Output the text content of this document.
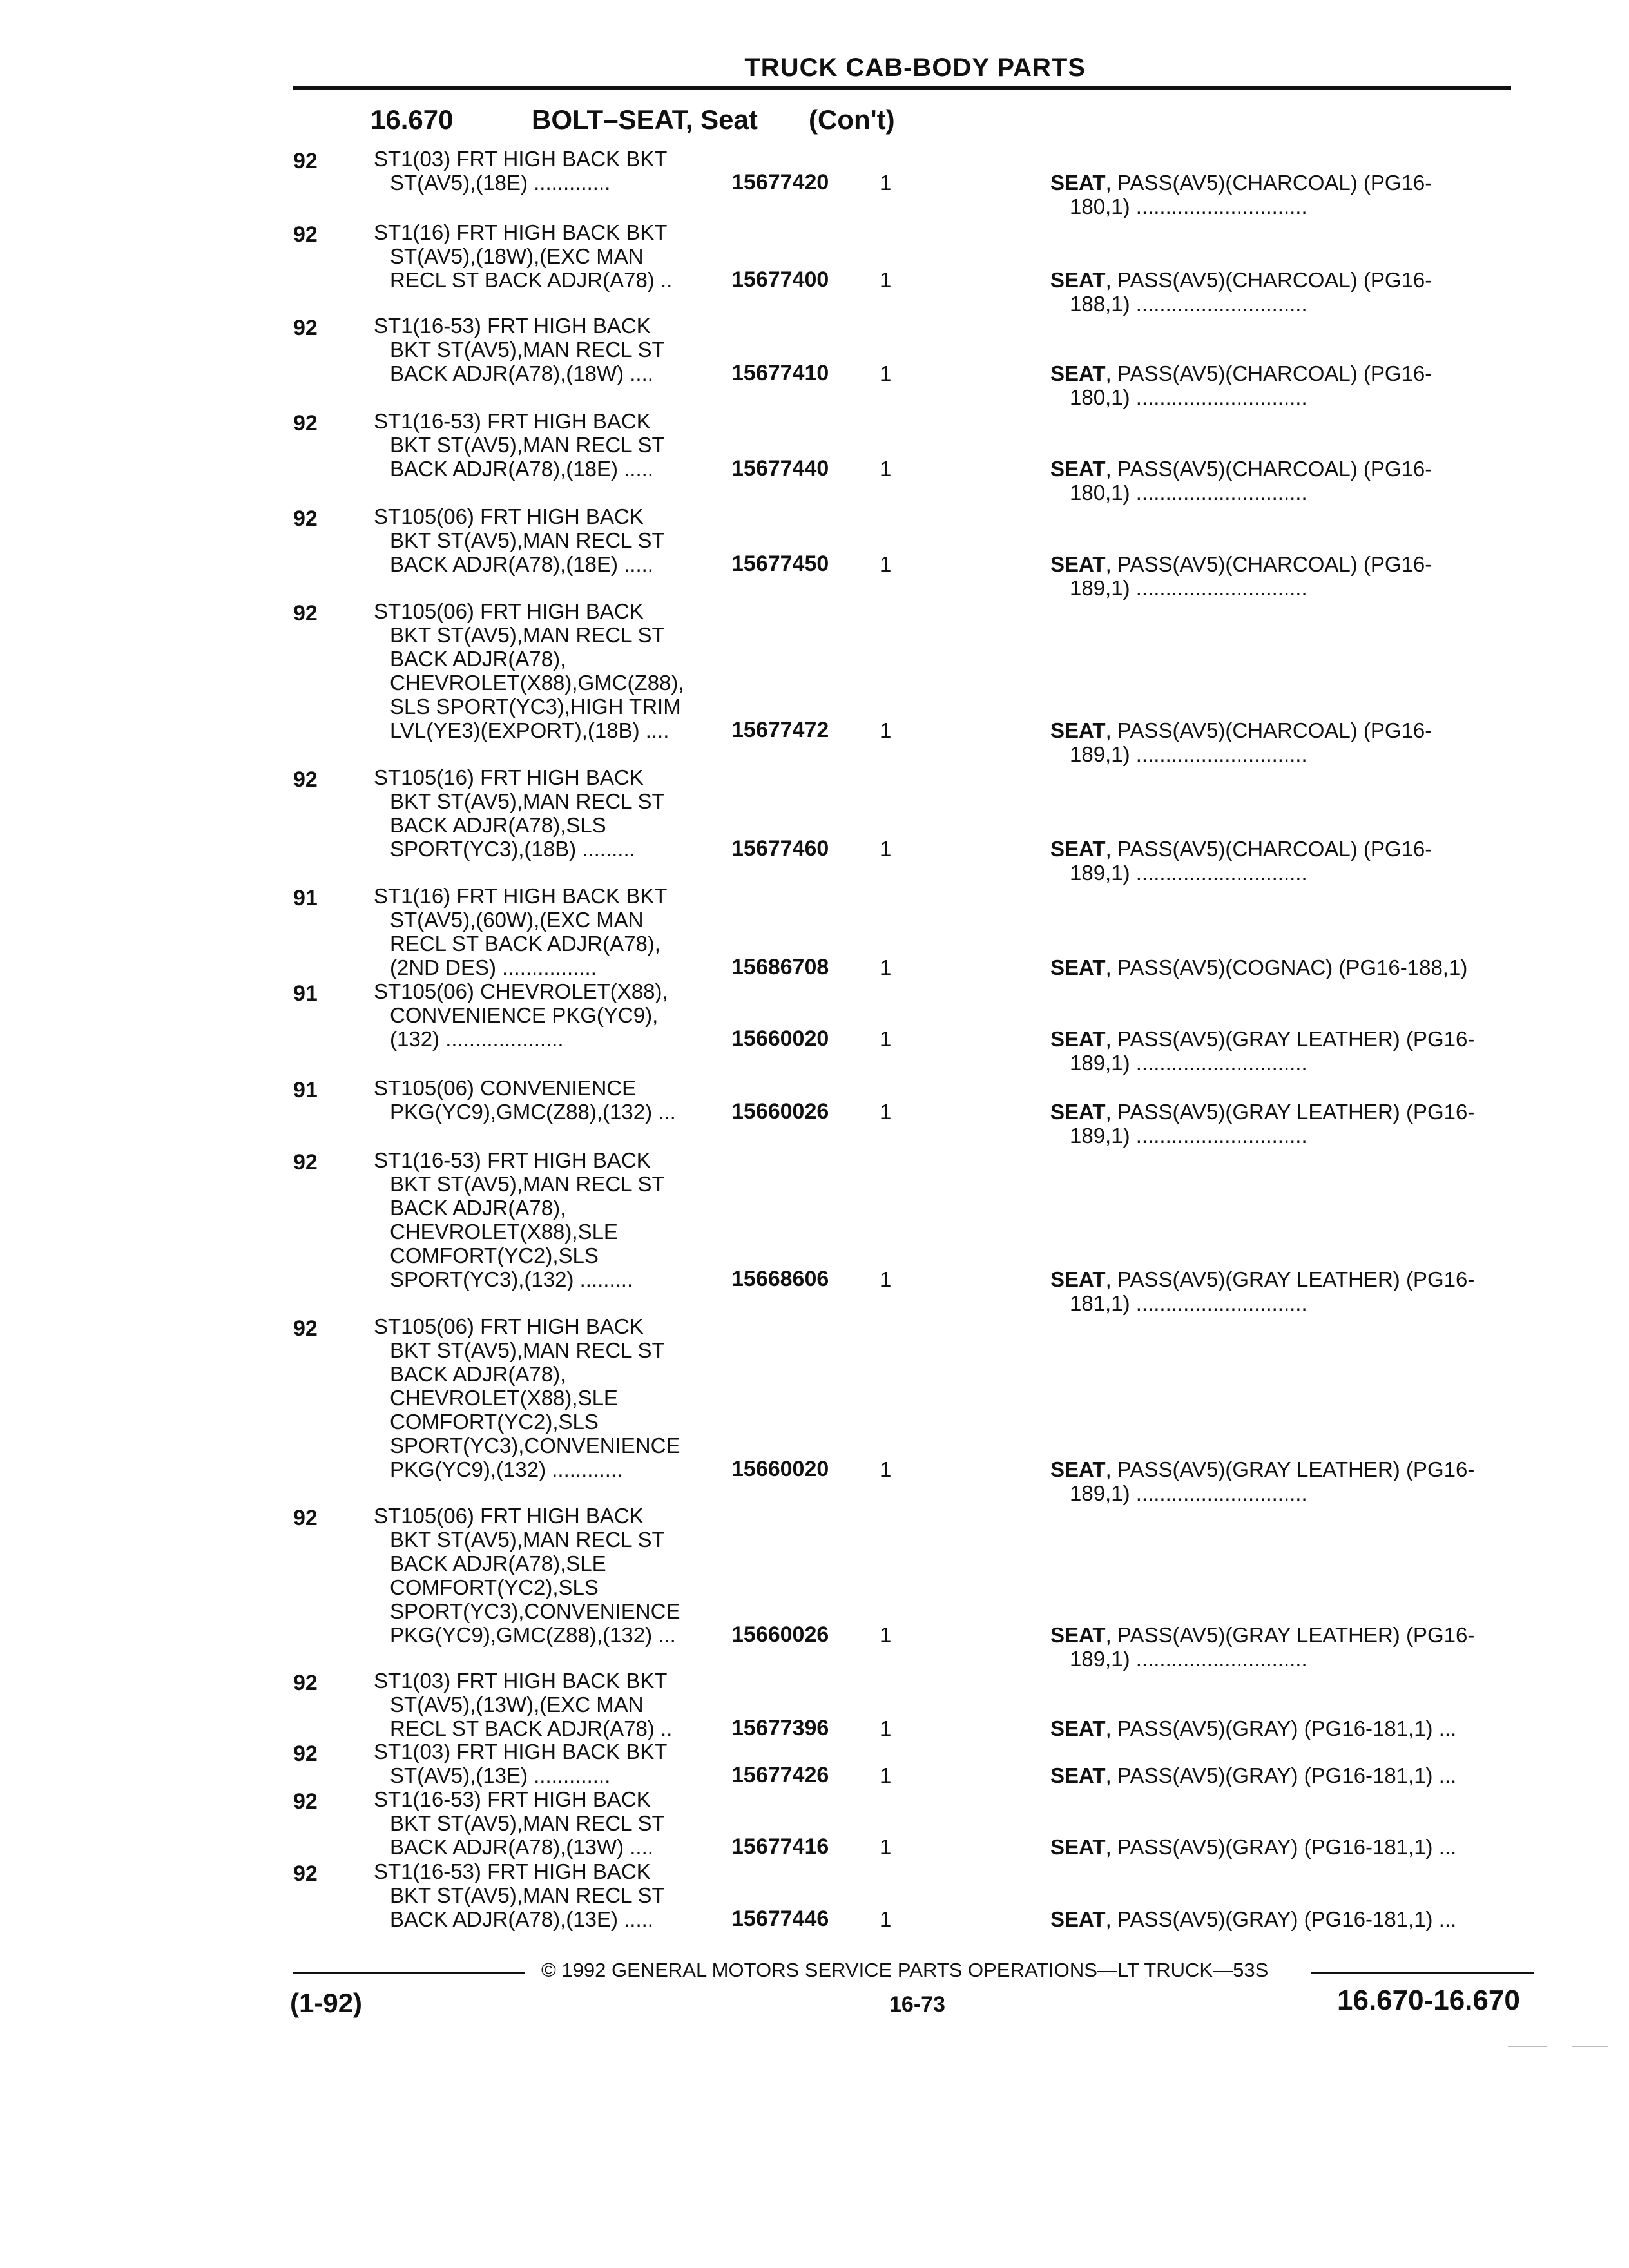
TRUCK CAB-BODY PARTS
16.670	BOLT–SEAT, Seat (Con't)
92	ST1(03) FRT HIGH BACK BKT
ST(AV5),(18E) .............	15677420 1	SEAT, PASS(AV5)(CHARCOAL) (PG16-
180,1) .............................
92	ST1(16) FRT HIGH BACK BKT
ST(AV5),(18W),(EXC MAN
RECL ST BACK ADJR(A78) ..	15677400 1	SEAT, PASS(AV5)(CHARCOAL) (PG16-
188,1) .............................
92	ST1(16-53) FRT HIGH BACK
BKT ST(AV5),MAN RECL ST
BACK ADJR(A78),(18W) ....	15677410 1	SEAT, PASS(AV5)(CHARCOAL) (PG16-
180,1) .............................
92	ST1(16-53) FRT HIGH BACK
BKT ST(AV5),MAN RECL ST
BACK ADJR(A78),(18E) .....	15677440 1	SEAT, PASS(AV5)(CHARCOAL) (PG16-
180,1) .............................
92	ST105(06) FRT HIGH BACK
BKT ST(AV5),MAN RECL ST
BACK ADJR(A78),(18E) .....	15677450 1	SEAT, PASS(AV5)(CHARCOAL) (PG16-
189,1) .............................
92	ST105(06) FRT HIGH BACK
BKT ST(AV5),MAN RECL ST
BACK ADJR(A78),
CHEVROLET(X88),GMC(Z88),
SLS SPORT(YC3),HIGH TRIM
LVL(YE3)(EXPORT),(18B) ....	15677472 1	SEAT, PASS(AV5)(CHARCOAL) (PG16-
189,1) .............................
92	ST105(16) FRT HIGH BACK
BKT ST(AV5),MAN RECL ST
BACK ADJR(A78),SLS
SPORT(YC3),(18B) .........	15677460 1	SEAT, PASS(AV5)(CHARCOAL) (PG16-
189,1) .............................
91	ST1(16) FRT HIGH BACK BKT
ST(AV5),(60W),(EXC MAN
RECL ST BACK ADJR(A78),
(2ND DES) ................	15686708 1	SEAT, PASS(AV5)(COGNAC) (PG16-188,1)
91	ST105(06) CHEVROLET(X88),
CONVENIENCE PKG(YC9),
(132) ....................	15660020 1	SEAT, PASS(AV5)(GRAY LEATHER) (PG16-
189,1) .............................
91	ST105(06) CONVENIENCE
PKG(YC9),GMC(Z88),(132) ...	15660026 1	SEAT, PASS(AV5)(GRAY LEATHER) (PG16-
189,1) .............................
92	ST1(16-53) FRT HIGH BACK
BKT ST(AV5),MAN RECL ST
BACK ADJR(A78),
CHEVROLET(X88),SLE
COMFORT(YC2),SLS
SPORT(YC3),(132) .........	15668606 1	SEAT, PASS(AV5)(GRAY LEATHER) (PG16-
181,1) .............................
92	ST105(06) FRT HIGH BACK
BKT ST(AV5),MAN RECL ST
BACK ADJR(A78),
CHEVROLET(X88),SLE
COMFORT(YC2),SLS
SPORT(YC3),CONVENIENCE
PKG(YC9),(132) ............	15660020 1	SEAT, PASS(AV5)(GRAY LEATHER) (PG16-
189,1) .............................
92	ST105(06) FRT HIGH BACK
BKT ST(AV5),MAN RECL ST
BACK ADJR(A78),SLE
COMFORT(YC2),SLS
SPORT(YC3),CONVENIENCE
PKG(YC9),GMC(Z88),(132) ...	15660026 1	SEAT, PASS(AV5)(GRAY LEATHER) (PG16-
189,1) .............................
92	ST1(03) FRT HIGH BACK BKT
ST(AV5),(13W),(EXC MAN
RECL ST BACK ADJR(A78) ..	15677396 1	SEAT, PASS(AV5)(GRAY) (PG16-181,1) ...
92	ST1(03) FRT HIGH BACK BKT
ST(AV5),(13E) .............	15677426 1	SEAT, PASS(AV5)(GRAY) (PG16-181,1) ...
92	ST1(16-53) FRT HIGH BACK
BKT ST(AV5),MAN RECL ST
BACK ADJR(A78),(13W) ....	15677416 1	SEAT, PASS(AV5)(GRAY) (PG16-181,1) ...
92	ST1(16-53) FRT HIGH BACK
BKT ST(AV5),MAN RECL ST
BACK ADJR(A78),(13E) .....	15677446 1	SEAT, PASS(AV5)(GRAY) (PG16-181,1) ...
© 1992 GENERAL MOTORS SERVICE PARTS OPERATIONS—LT TRUCK—53S
(1-92)	16-73	16.670-16.670
